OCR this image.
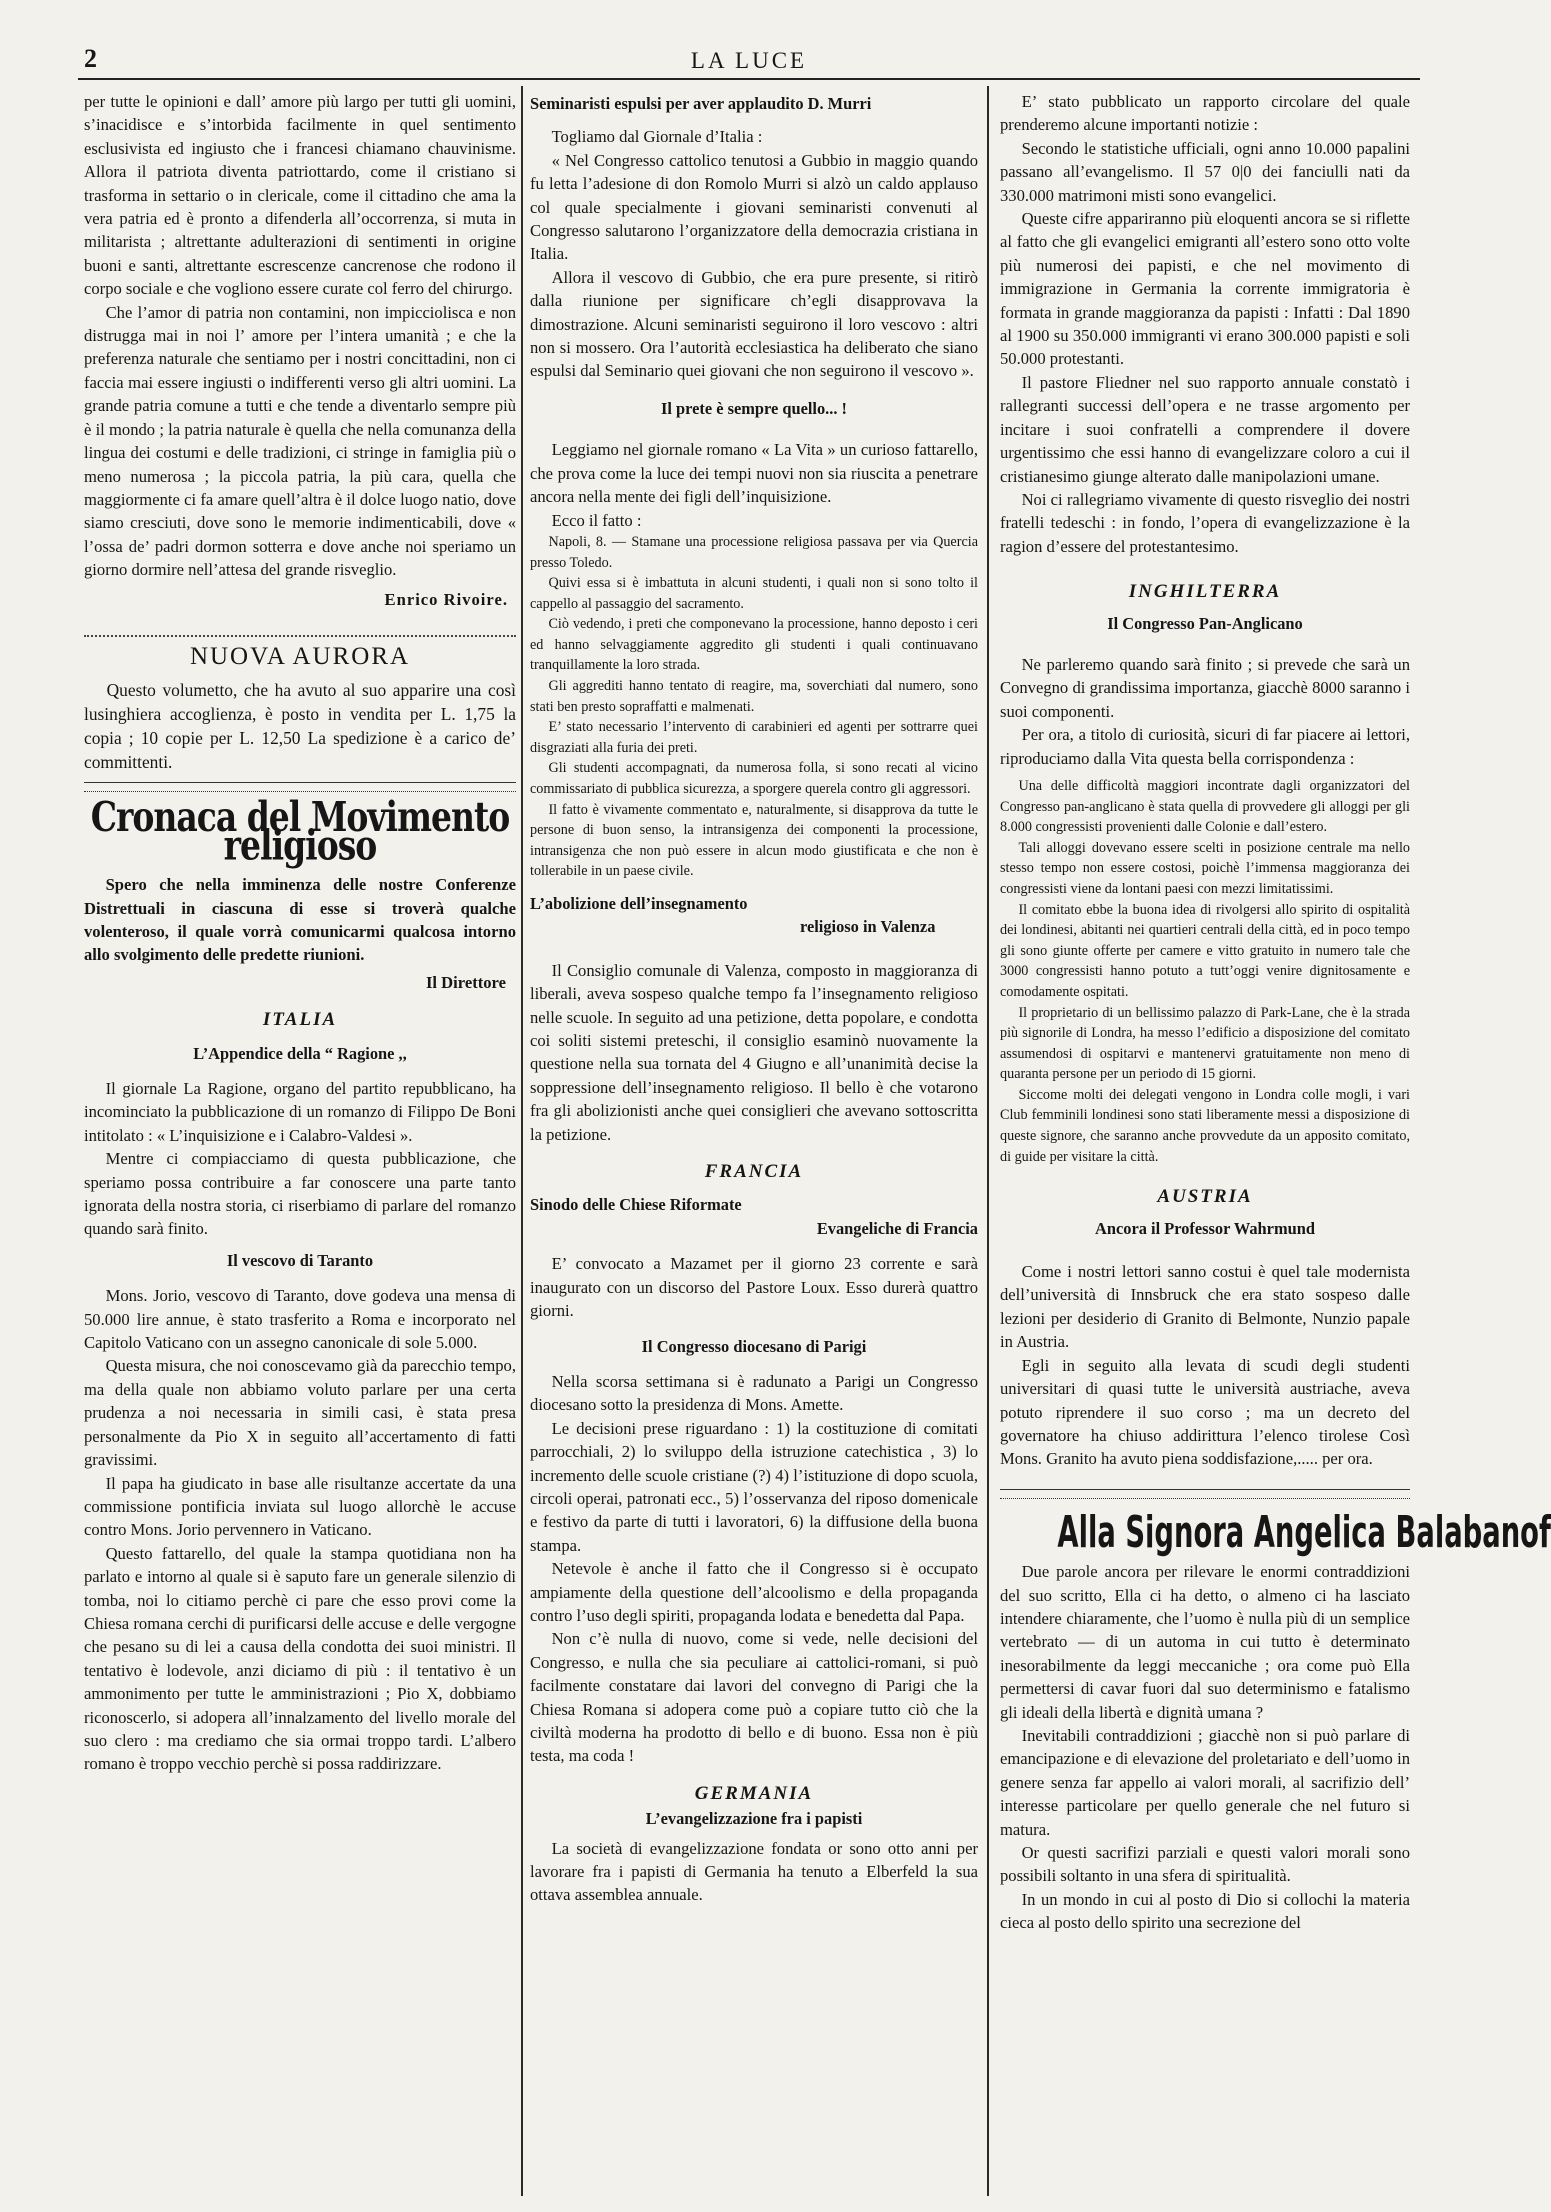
2	LA LUCE

per tutte le opinioni e dall’ amore più largo per tutti gli uomini, s’inacidisce e s’intorbida facilmente in quel sentimento esclusivista ed ingiusto che i francesi chiamano chauvinisme. Allora il patriota diventa patriottardo, come il cristiano si trasforma in settario o in clericale, come il cittadino che ama la vera patria ed è pronto a difenderla all’occorrenza, si muta in militarista ; altrettante adulterazioni di sentimenti in origine buoni e santi, altrettante escrescenze cancrenose che rodono il corpo sociale e che vogliono essere curate col ferro del chirurgo.

Che l’amor di patria non contamini, non impiccioliscа e non distrugga mai in noi l’ amore per l’intera umanità ; e che la preferenza naturale che sentiamo per i nostri concittadini, non ci faccia mai essere ingiusti o indifferenti verso gli altri uomini. La grande patria comune a tutti e che tende a diventarlo sempre più è il mondo ; la patria naturale è quella che nella comunanza della lingua dei costumi e delle tradizioni, ci stringe in famiglia più o meno numerosa ; la piccola patria, la più cara, quella che maggiormente ci fa amare quell’altra è il dolce luogo natio, dove siamo cresciuti, dove sono le memorie indimenticabili, dove « l’ossa de’ padri dormon sotterra e dove anche noi speriamo un giorno dormire nell’attesa del grande risveglio.

Enrico Rivoire.
NUOVA AURORA

Questo volumetto, che ha avuto al suo apparire una così lusinghiera accoglienza, è posto in vendita per L. 1,75 la copia ; 10 copie per L. 12,50 La spedizione è a carico de’ committenti.

Cronaca del Movimento religioso

Spero che nella imminenza delle nostre Conferenze Distrettuali in ciascuna di esse si troverà qualche volenteroso, il quale vorrà comunicarmi qualcosa intorno allo svolgimento delle predette riunioni.

Il Direttore
ITALIA
L’Appendice della “ Ragione ,,

Il giornale La Ragione, organo del partito repubblicano, ha incominciato la pubblicazione di un romanzo di Filippo De Boni intitolato : « L’inquisizione e i Calabro-Valdesi ».

Mentre ci compiacciamo di questa pubblicazione, che speriamo possa contribuire a far conoscere una parte tanto ignorata della nostra storia, ci riserbiamo di parlare del romanzo quando sarà finito.

Il vescovo di Taranto

Mons. Jorio, vescovo di Taranto, dove godeva una mensa di 50.000 lire annue, è stato trasferito a Roma e incorporato nel Capitolo Vaticano con un assegno canonicale di sole 5.000.

Questa misura, che noi conoscevamo già da parecchio tempo, ma della quale non abbiamo voluto parlare per una certa prudenza a noi necessaria in simili casi, è stata presa personalmente da Pio X in seguito all’accertamento di fatti gravissimi.

Il papa ha giudicato in base alle risultanze accertate da una commissione pontificia inviata sul luogo allorchè le accuse contro Mons. Jorio pervennero in Vaticano.

Questo fattarello, del quale la stampa quotidiana non ha parlato e intorno al quale si è saputo fare un generale silenzio di tomba, noi lo citiamo perchè ci pare che esso provi come la Chiesa romana cerchi di purificarsi delle accuse e delle vergogne che pesano su di lei a causa della condotta dei suoi ministri. Il tentativo è lodevole, anzi diciamo di più : il tentativo è un ammonimento per tutte le amministrazioni ; Pio X, dobbiamo riconoscerlo, si adopera all’innalzamento del livello morale del suo clero : ma crediamo che sia ormai troppo tardi. L’albero romano è troppo vecchio perchè si possa raddirizzare.

Seminaristi espulsi per aver applaudito D. Murri

Togliamo dal Giornale d’Italia :

« Nel Congresso cattolico tenutosi a Gubbio in maggio quando fu letta l’adesione di don Romolo Murri si alzò un caldo applauso col quale specialmente i giovani seminaristi convenuti al Congresso salutarono l’organizzatore della democrazia cristiana in Italia.

Allora il vescovo di Gubbio, che era pure presente, si ritirò dalla riunione per significare ch’egli disapprovava la dimostrazione. Alcuni seminaristi seguirono il loro vescovo : altri non si mossero. Ora l’autorità ecclesiastica ha deliberato che siano espulsi dal Seminario quei giovani che non seguirono il vescovo ».

Il prete è sempre quello... !

Leggiamo nel giornale romano « La Vita » un curioso fattarello, che prova come la luce dei tempi nuovi non sia riuscita a penetrare ancora nella mente dei figli dell’inquisizione.

Ecco il fatto :

Napoli, 8. — Stamane una processione religiosa passava per via Quercia presso Toledo.

Quivi essa si è imbattuta in alcuni studenti, i quali non si sono tolto il cappello al passaggio del sacramento.

Ciò vedendo, i preti che componevano la processione, hanno deposto i ceri ed hanno selvaggiamente aggredito gli studenti i quali continuavano tranquillamente la loro strada.

Gli aggrediti hanno tentato di reagire, ma, soverchiati dal numero, sono stati ben presto sopraffatti e malmenati.

E’ stato necessario l’intervento di carabinieri ed agenti per sottrarre quei disgraziati alla furia dei preti.

Gli studenti accompagnati, da numerosa folla, si sono recati al vicino commissariato di pubblica sicurezza, a sporgere querela contro gli aggressori.

Il fatto è vivamente commentato e, naturalmente, si disapprova da tutte le persone di buon senso, la intransigenza dei componenti la processione, intransigenza che non può essere in alcun modo giustificata e che non è tollerabile in un paese civile.

L’abolizione dell’insegnamento
religioso in Valenza

Il Consiglio comunale di Valenza, composto in maggioranza di liberali, aveva sospeso qualche tempo fa l’insegnamento religioso nelle scuole. In seguito ad una petizione, detta popolare, e condotta coi soliti sistemi preteschi, il consiglio esaminò nuovamente la questione nella sua tornata del 4 Giugno e all’unanimità decise la soppressione dell’insegnamento religioso. Il bello è che votarono fra gli abolizionisti anche quei consiglieri che avevano sottoscritta la petizione.

FRANCIA
Sinodo delle Chiese Riformate
Evangeliche di Francia

E’ convocato a Mazamet per il giorno 23 corrente e sarà inaugurato con un discorso del Pastore Loux. Esso durerà quattro giorni.

Il Congresso diocesano di Parigi

Nella scorsa settimana si è radunato a Parigi un Congresso diocesano sotto la presidenza di Mons. Amette.

Le decisioni prese riguardano : 1) la costituzione di comitati parrocchiali, 2) lo sviluppo della istruzione catechistica , 3) lo incremento delle scuole cristiane (?) 4) l’istituzione di dopo scuola, circoli operai, patronati ecc., 5) l’osservanza del riposo domenicale e festivo da parte di tutti i lavoratori, 6) la diffusione della buona stampa.

Netevole è anche il fatto che il Congresso si è occupato ampiamente della questione dell’alcoolismo e della propaganda contro l’uso degli spiriti, propaganda lodata e benedetta dal Papa.

Non c’è nulla di nuovo, come si vede, nelle decisioni del Congresso, e nulla che sia peculiare ai cattolici-romani, si può facilmente constatare dai lavori del convegno di Parigi che la Chiesa Romana si adopera come può a copiare tutto ciò che la civiltà moderna ha prodotto di bello e di buono. Essa non è più testa, ma coda !

GERMANIA
L’evangelizzazione fra i papisti

La società di evangelizzazione fondata or sono otto anni per lavorare fra i papisti di Germania ha tenuto a Elberfeld la sua ottava assemblea annuale.

E’ stato pubblicato un rapporto circolare del quale prenderemo alcune importanti notizie :

Secondo le statistiche ufficiali, ogni anno 10.000 papalini passano all’evangelismo. Il 57 0|0 dei fanciulli nati da 330.000 matrimoni misti sono evangelici.

Queste cifre appariranno più eloquenti ancora se si riflette al fatto che gli evangelici emigranti all’estero sono otto volte più numerosi dei papisti, e che nel movimento di immigrazione in Germania la corrente immigratoria è formata in grande maggioranza da papisti : Infatti : Dal 1890 al 1900 su 350.000 immigranti vi erano 300.000 papisti e soli 50.000 protestanti.

Il pastore Fliedner nel suo rapporto annuale constatò i rallegranti successi dell’opera e ne trasse argomento per incitare i suoi confratelli a comprendere il dovere urgentissimo che essi hanno di evangelizzare coloro a cui il cristianesimo giunge alterato dalle manipolazioni umane.

Noi ci rallegriamo vivamente di questo risveglio dei nostri fratelli tedeschi : in fondo, l’opera di evangelizzazione è la ragion d’essere del protestantesimo.

INGHILTERRA
Il Congresso Pan-Anglicano

Ne parleremo quando sarà finito ; si prevede che sarà un Convegno di grandissima importanza, giacchè 8000 saranno i suoi componenti.

Per ora, a titolo di curiosità, sicuri di far piacere ai lettori, riproduciamo dalla Vita questa bella corrispondenza :

Una delle difficoltà maggiori incontrate dagli organizzatori del Congresso pan-anglicano è stata quella di provvedere gli alloggi per gli 8.000 congressisti provenienti dalle Colonie e dall’estero.

Tali alloggi dovevano essere scelti in posizione centrale ma nello stesso tempo non essere costosi, poichè l’immensa maggioranza dei congressisti viene da lontani paesi con mezzi limitatissimi.

Il comitato ebbe la buona idea di rivolgersi allo spirito di ospitalità dei londinesi, abitanti nei quartieri centrali della città, ed in poco tempo gli sono giunte offerte per camere e vitto gratuito in numero tale che 3000 congressisti hanno potuto a tutt’oggi venire dignitosamente e comodamente ospitati.

Il proprietario di un bellissimo palazzo di Park-Lane, che è la strada più signorile di Londra, ha messo l’edificio a disposizione del comitato assumendosi di ospitarvi e mantenervi gratuitamente non meno di quaranta persone per un periodo di 15 giorni.

Siccome molti dei delegati vengono in Londra colle mogli, i vari Club femminili londinesi sono stati liberamente messi a disposizione di queste signore, che saranno anche provvedute da un apposito comitato, di guide per visitare la città.

AUSTRIA
Ancora il Professor Wahrmund

Come i nostri lettori sanno costui è quel tale modernista dell’università di Innsbruck che era stato sospeso dalle lezioni per desiderio di Granito di Belmonte, Nunzio papale in Austria.

Egli in seguito alla levata di scudi degli studenti universitari di quasi tutte le università austriache, aveva potuto riprendere il suo corso ; ma un decreto del governatore ha chiuso addirittura l’elenco tirolese Così Mons. Granito ha avuto piena soddisfazione,..... per ora.

Alla Signora Angelica Balabanof

Due parole ancora per rilevare le enormi contraddizioni del suo scritto, Ella ci ha detto, o almeno ci ha lasciato intendere chiaramente, che l’uomo è nulla più di un semplice vertebrato — di un automa in cui tutto è determinato inesorabilmente da leggi meccaniche ; ora come può Ella permettersi di cavar fuori dal suo determinismo e fatalismo gli ideali della libertà e dignità umana ?

Inevitabili contraddizioni ; giacchè non si può parlare di emancipazione e di elevazione del proletariato e dell’uomo in genere senza far appello ai valori morali, al sacrifizio dell’ interesse particolare per quello generale che nel futuro si matura.

Or questi sacrifizi parziali e questi valori morali sono possibili soltanto in una sfera di spiritualità.

In un mondo in cui al posto di Dio si collochi la materia cieca al posto dello spirito una secrezione del
